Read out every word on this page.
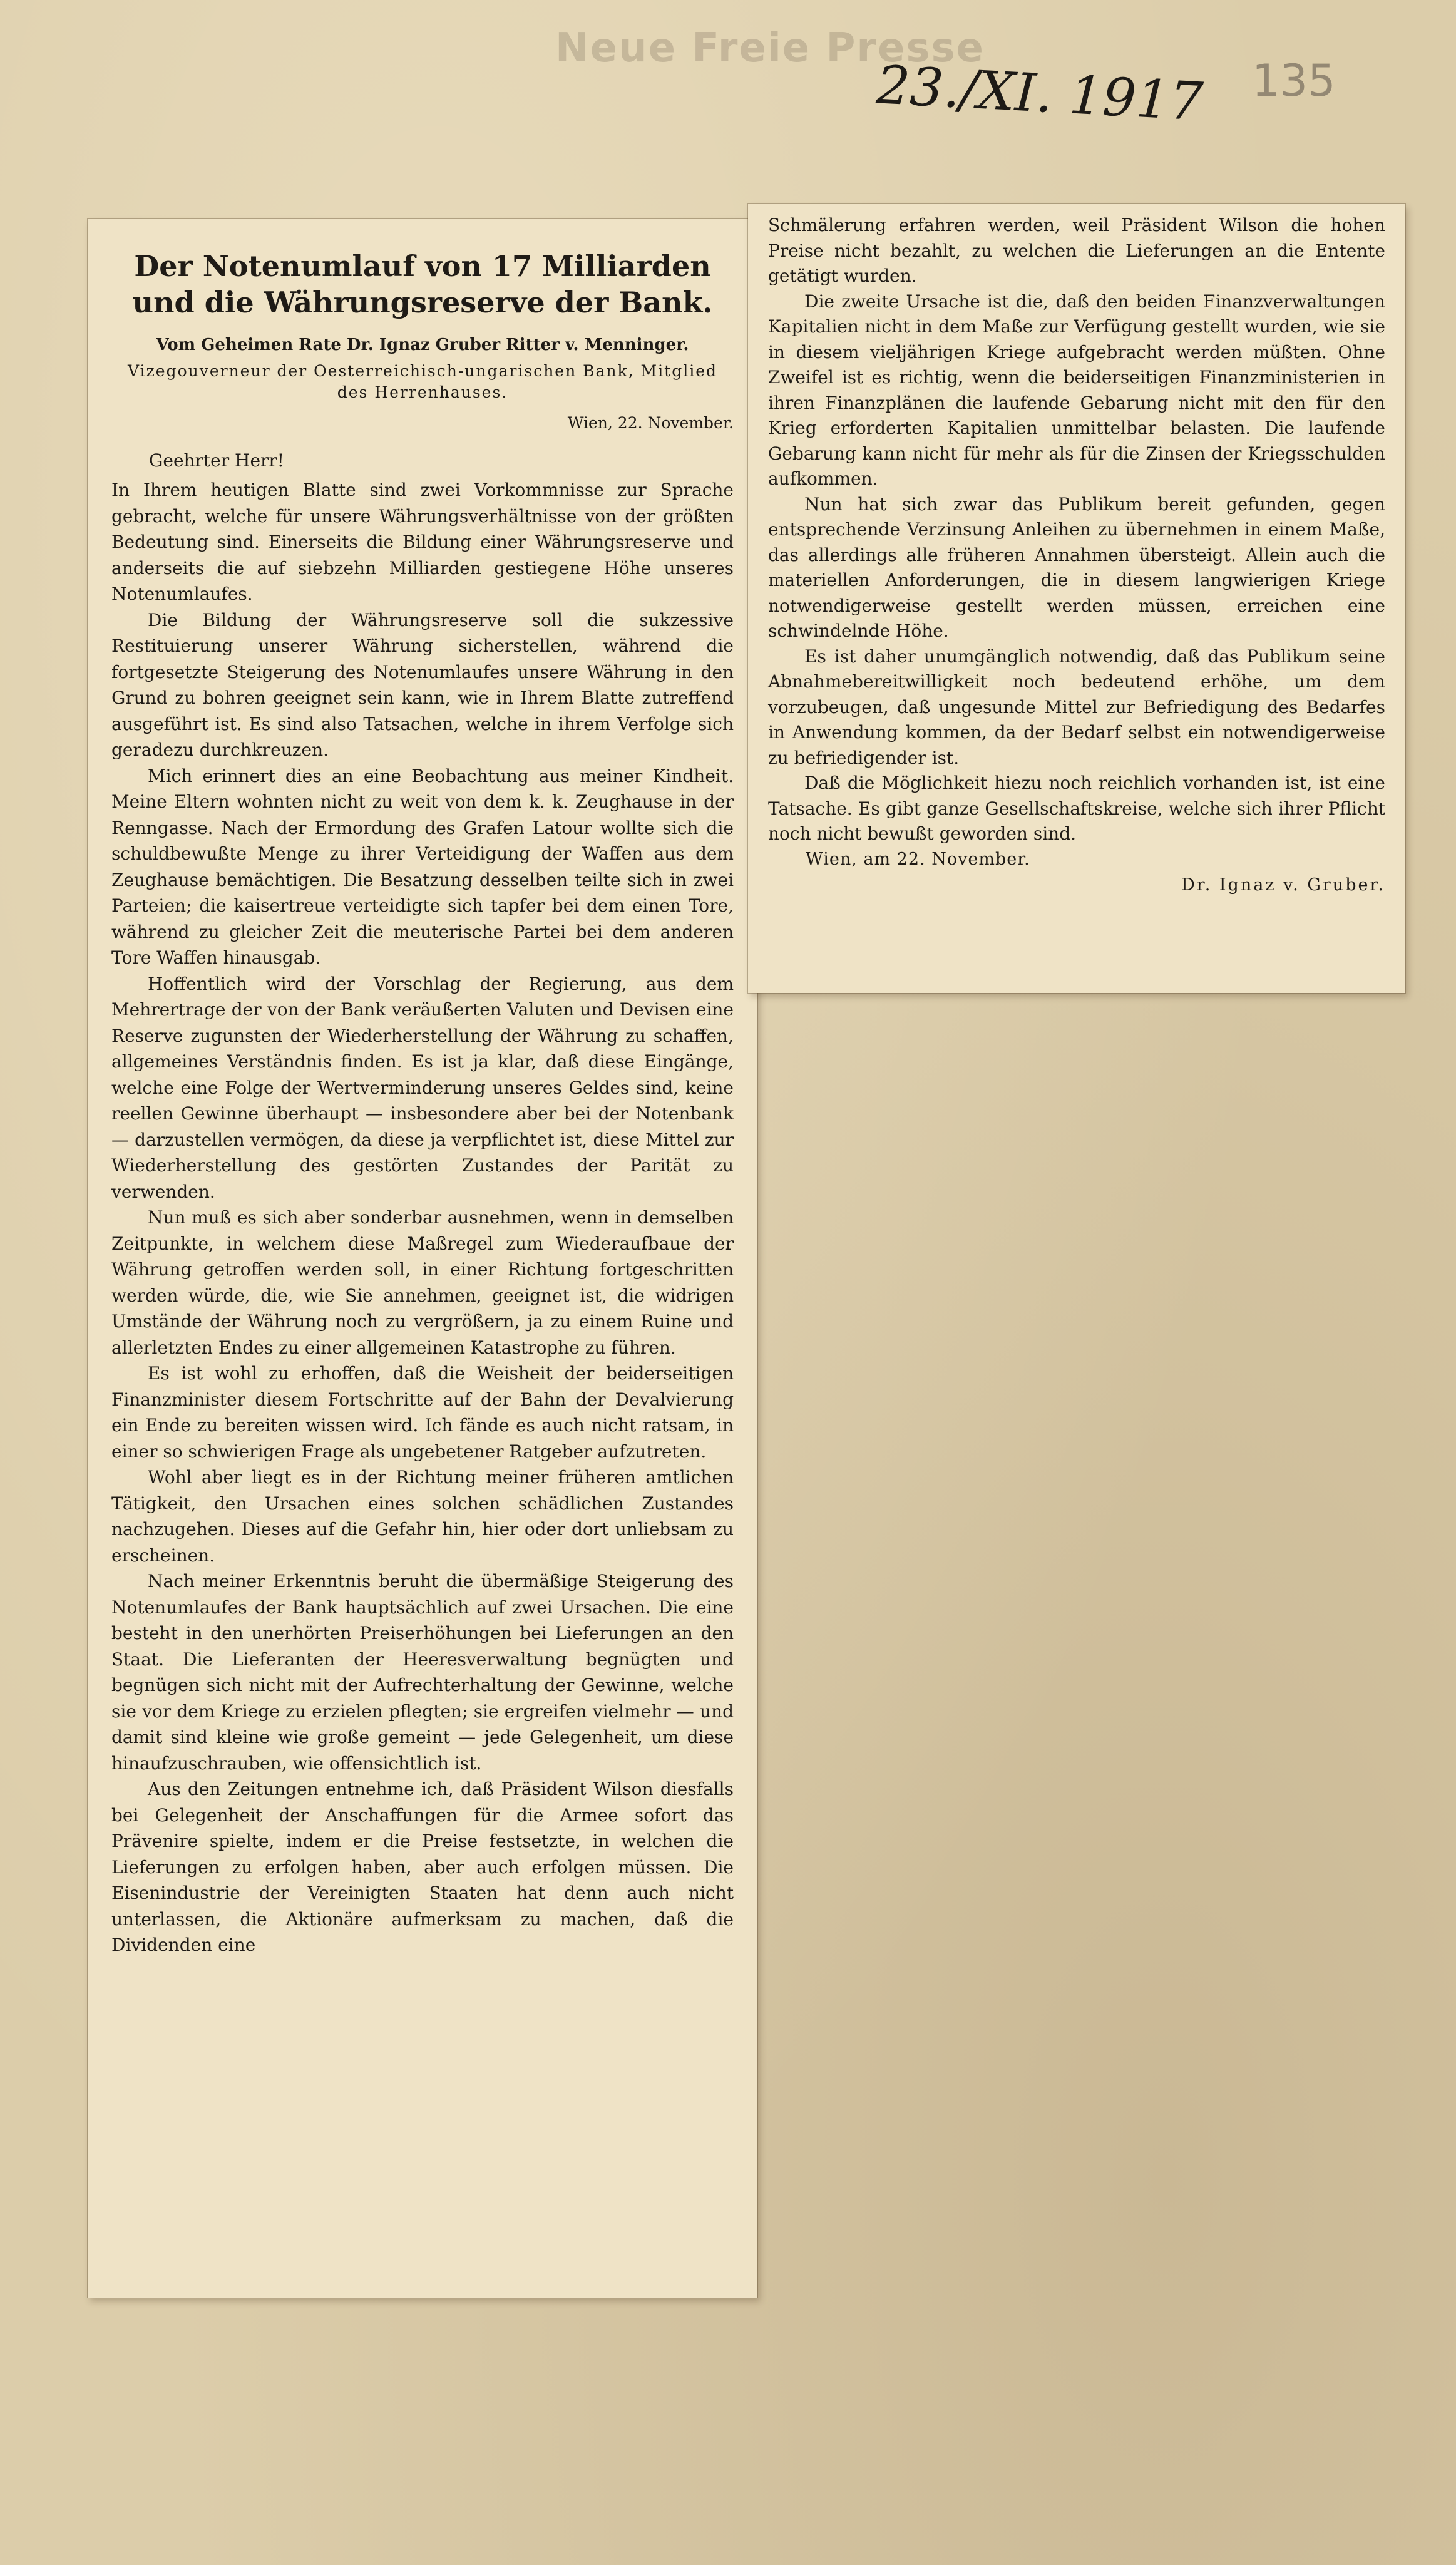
Neue Freie Presse
23./XI. 1917 135
Der Notenumlauf von 17 Milliarden und die Währungsreserve der Bank.
Vom Geheimen Rate Dr. Ignaz Gruber Ritter v. Menninger.
Vizegouverneur der Oesterreichisch-ungarischen Bank, Mitglied des Herrenhauses.
Wien, 22. November.
Geehrter Herr!

In Ihrem heutigen Blatte sind zwei Vorkommnisse zur Sprache gebracht, welche für unsere Währungsverhältnisse von der größten Bedeutung sind. Einerseits die Bildung einer Währungsreserve und anderseits die auf siebzehn Milliarden gestiegene Höhe unseres Notenumlaufes.

Die Bildung der Währungsreserve soll die sukzessive Restituierung unserer Währung sicherstellen, während die fortgesetzte Steigerung des Notenumlaufes unsere Währung in den Grund zu bohren geeignet sein kann, wie in Ihrem Blatte zutreffend ausgeführt ist. Es sind also Tatsachen, welche in ihrem Verfolge sich geradezu durchkreuzen.

Mich erinnert dies an eine Beobachtung aus meiner Kindheit. Meine Eltern wohnten nicht zu weit von dem k. k. Zeughause in der Renngasse. Nach der Ermordung des Grafen Latour wollte sich die schuldbewußte Menge zu ihrer Verteidigung der Waffen aus dem Zeughause bemächtigen. Die Besatzung desselben teilte sich in zwei Parteien; die kaisertreue verteidigte sich tapfer bei dem einen Tore, während zu gleicher Zeit die meuterische Partei bei dem anderen Tore Waffen hinausgab.

Hoffentlich wird der Vorschlag der Regierung, aus dem Mehrertrage der von der Bank veräußerten Valuten und Devisen eine Reserve zugunsten der Wiederherstellung der Währung zu schaffen, allgemeines Verständnis finden. Es ist ja klar, daß diese Eingänge, welche eine Folge der Wertverminderung unseres Geldes sind, keine reellen Gewinne überhaupt — insbesondere aber bei der Notenbank — darzustellen vermögen, da diese ja verpflichtet ist, diese Mittel zur Wiederherstellung des gestörten Zustandes der Parität zu verwenden.

Nun muß es sich aber sonderbar ausnehmen, wenn in demselben Zeitpunkte, in welchem diese Maßregel zum Wiederaufbaue der Währung getroffen werden soll, in einer Richtung fortgeschritten werden würde, die, wie Sie annehmen, geeignet ist, die widrigen Umstände der Währung noch zu vergrößern, ja zu einem Ruine und allerletzten Endes zu einer allgemeinen Katastrophe zu führen.

Es ist wohl zu erhoffen, daß die Weisheit der beiderseitigen Finanzminister diesem Fortschritte auf der Bahn der Devalvierung ein Ende zu bereiten wissen wird. Ich fände es auch nicht ratsam, in einer so schwierigen Frage als ungebetener Ratgeber aufzutreten.

Wohl aber liegt es in der Richtung meiner früheren amtlichen Tätigkeit, den Ursachen eines solchen schädlichen Zustandes nachzugehen. Dieses auf die Gefahr hin, hier oder dort unliebsam zu erscheinen.

Nach meiner Erkenntnis beruht die übermäßige Steigerung des Notenumlaufes der Bank hauptsächlich auf zwei Ursachen. Die eine besteht in den unerhörten Preiserhöhungen bei Lieferungen an den Staat. Die Lieferanten der Heeresverwaltung begnügten und begnügen sich nicht mit der Aufrechterhaltung der Gewinne, welche sie vor dem Kriege zu erzielen pflegten; sie ergreifen vielmehr — und damit sind kleine wie große gemeint — jede Gelegenheit, um diese hinaufzuschrauben, wie offensichtlich ist.

Aus den Zeitungen entnehme ich, daß Präsident Wilson diesfalls bei Gelegenheit der Anschaffungen für die Armee sofort das Prävenire spielte, indem er die Preise festsetzte, in welchen die Lieferungen zu erfolgen haben, aber auch erfolgen müssen. Die Eisenindustrie der Vereinigten Staaten hat denn auch nicht unterlassen, die Aktionäre aufmerksam zu machen, daß die Dividenden eine

Schmälerung erfahren werden, weil Präsident Wilson die hohen Preise nicht bezahlt, zu welchen die Lieferungen an die Entente getätigt wurden.

Die zweite Ursache ist die, daß den beiden Finanzverwaltungen Kapitalien nicht in dem Maße zur Verfügung gestellt wurden, wie sie in diesem vieljährigen Kriege aufgebracht werden müßten. Ohne Zweifel ist es richtig, wenn die beiderseitigen Finanzministerien in ihren Finanzplänen die laufende Gebarung nicht mit den für den Krieg erforderten Kapitalien unmittelbar belasten. Die laufende Gebarung kann nicht für mehr als für die Zinsen der Kriegsschulden aufkommen.

Nun hat sich zwar das Publikum bereit gefunden, gegen entsprechende Verzinsung Anleihen zu übernehmen in einem Maße, das allerdings alle früheren Annahmen übersteigt. Allein auch die materiellen Anforderungen, die in diesem langwierigen Kriege notwendigerweise gestellt werden müssen, erreichen eine schwindelnde Höhe.

Es ist daher unumgänglich notwendig, daß das Publikum seine Abnahmebereitwilligkeit noch bedeutend erhöhe, um dem vorzubeugen, daß ungesunde Mittel zur Befriedigung des Bedarfes in Anwendung kommen, da der Bedarf selbst ein notwendigerweise zu befriedigender ist.

Daß die Möglichkeit hiezu noch reichlich vorhanden ist, ist eine Tatsache. Es gibt ganze Gesellschaftskreise, welche sich ihrer Pflicht noch nicht bewußt geworden sind.

Wien, am 22. November.
Dr. Ignaz v. Gruber.
